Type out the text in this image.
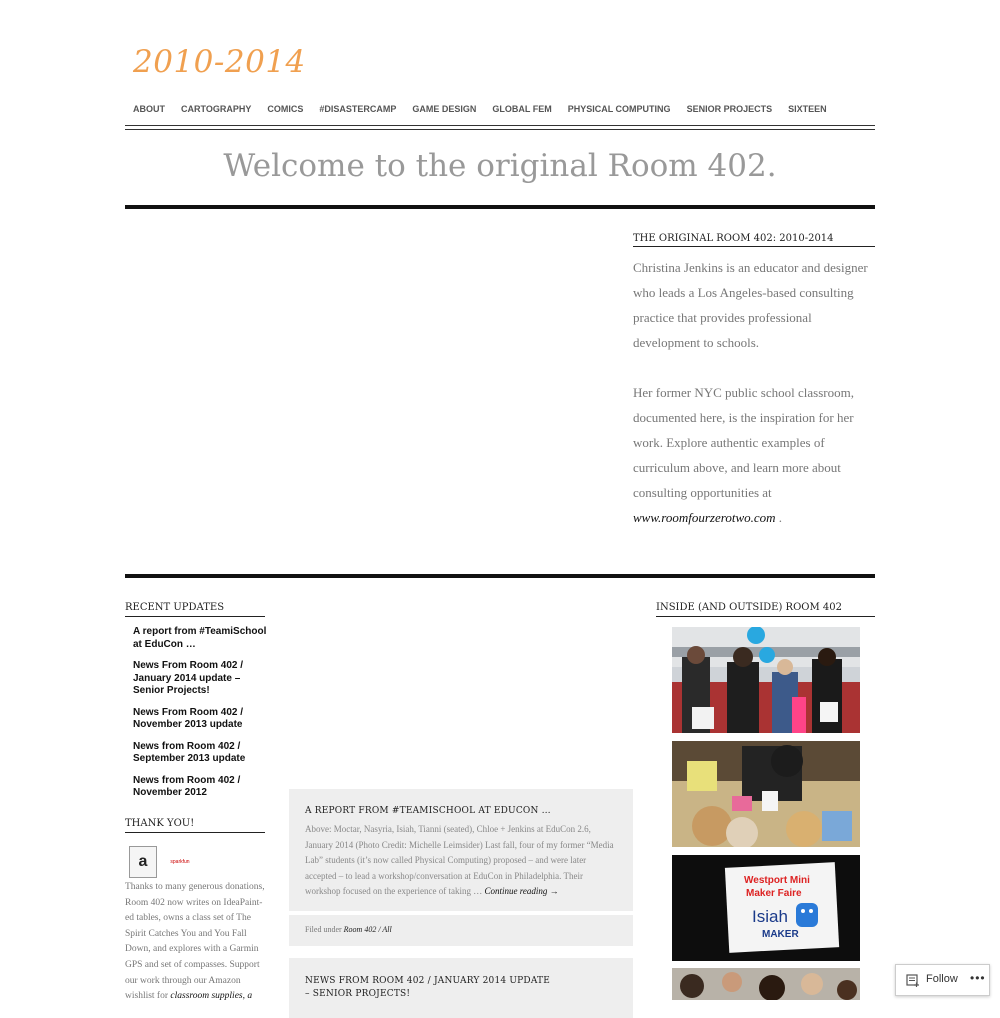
2010-2014
ABOUT CARTOGRAPHY COMICS #DISASTERCAMP GAME DESIGN GLOBAL FEM PHYSICAL COMPUTING SENIOR PROJECTS SIXTEEN
Welcome to the original Room 402.
THE ORIGINAL ROOM 402: 2010-2014

Christina Jenkins is an educator and designer who leads a Los Angeles-based consulting practice that provides professional development to schools.

Her former NYC public school classroom, documented here, is the inspiration for her work. Explore authentic examples of curriculum above, and learn more about consulting opportunities at www.roomfourzerotwo.com .

RECENT UPDATES
A report from #TeamiSchool at EduCon …
News From Room 402 / January 2014 update – Senior Projects!
News From Room 402 / November 2013 update
News from Room 402 / September 2013 update
News from Room 402 / November 2012
THANK YOU!
a	sparkfun
Thanks to many generous donations, Room 402 now writes on IdeaPaint-ed tables, owns a class set of The Spirit Catches You and You Fall Down, and explores with a Garmin GPS and set of compasses. Support our work through our Amazon wishlist for classroom supplies, a
A REPORT FROM #TEAMISCHOOL AT EDUCON …
Above: Moctar, Nasyria, Isiah, Tianni (seated), Chloe + Jenkins at EduCon 2.6, January 2014 (Photo Credit: Michelle Leimsider) Last fall, four of my former “Media Lab” students (it’s now called Physical Computing) proposed – and were later accepted – to lead a workshop/conversation at EduCon in Philadelphia. Their workshop focused on the experience of taking … Continue reading →
Filed under Room 402 / All
NEWS FROM ROOM 402 / JANUARY 2014 UPDATE – SENIOR PROJECTS!
INSIDE (AND OUTSIDE) ROOM 402
Westport Mini
Maker Faire
Isiah
MAKER
Follow •••
